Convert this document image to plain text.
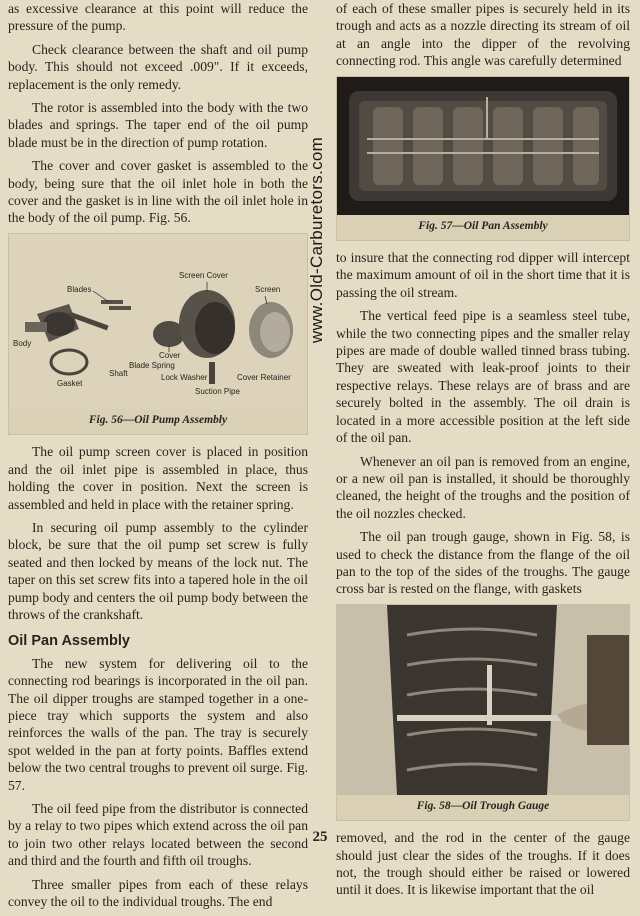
as excessive clearance at this point will reduce the pressure of the pump.

Check clearance between the shaft and oil pump body. This should not exceed .009". If it exceeds, replacement is the only remedy.

The rotor is assembled into the body with the two blades and springs. The taper end of the oil pump blade must be in the direction of pump rotation.

The cover and cover gasket is assembled to the body, being sure that the oil inlet hole in both the cover and the gasket is in line with the oil inlet hole in the body of the oil pump. Fig. 56.

Blades
Screen Cover
Screen
Body
Cover
Blade Spring
Shaft
Gasket
Lock Washer	Cover Retainer
Suction Pipe
Fig. 56—Oil Pump Assembly

The oil pump screen cover is placed in position and the oil inlet pipe is assembled in place, thus holding the cover in position. Next the screen is assembled and held in place with the retainer spring.

In securing oil pump assembly to the cylinder block, be sure that the oil pump set screw is fully seated and then locked by means of the lock nut. The taper on this set screw fits into a tapered hole in the oil pump body and centers the oil pump body between the throws of the crankshaft.

Oil Pan Assembly

The new system for delivering oil to the connecting rod bearings is incorporated in the oil pan. The oil dipper troughs are stamped together in a one-piece tray which supports the system and also reinforces the walls of the pan. The tray is securely spot welded in the pan at forty points. Baffles extend below the two central troughs to prevent oil surge. Fig. 57.

The oil feed pipe from the distributor is connected by a relay to two pipes which extend across the oil pan to join two other relays located between the second and third and the fourth and fifth oil troughs.

Three smaller pipes from each of these relays convey the oil to the individual troughs. The end

www.Old-Carburetors.com

of each of these smaller pipes is securely held in its trough and acts as a nozzle directing its stream of oil at an angle into the dipper of the revolving connecting rod. This angle was carefully determined

Fig. 57—Oil Pan Assembly

to insure that the connecting rod dipper will intercept the maximum amount of oil in the short time that it is passing the oil stream.

The vertical feed pipe is a seamless steel tube, while the two connecting pipes and the smaller relay pipes are made of double walled tinned brass tubing. They are sweated with leak-proof joints to their respective relays. These relays are of brass and are securely bolted in the assembly. The oil drain is located in a more accessible position at the left side of the oil pan.

Whenever an oil pan is removed from an engine, or a new oil pan is installed, it should be thoroughly cleaned, the height of the troughs and the position of the oil nozzles checked.

The oil pan trough gauge, shown in Fig. 58, is used to check the distance from the flange of the oil pan to the top of the sides of the troughs. The gauge cross bar is rested on the flange, with gaskets

Fig. 58—Oil Trough Gauge

removed, and the rod in the center of the gauge should just clear the sides of the troughs. If it does not, the trough should either be raised or lowered until it does. It is likewise important that the oil

25
